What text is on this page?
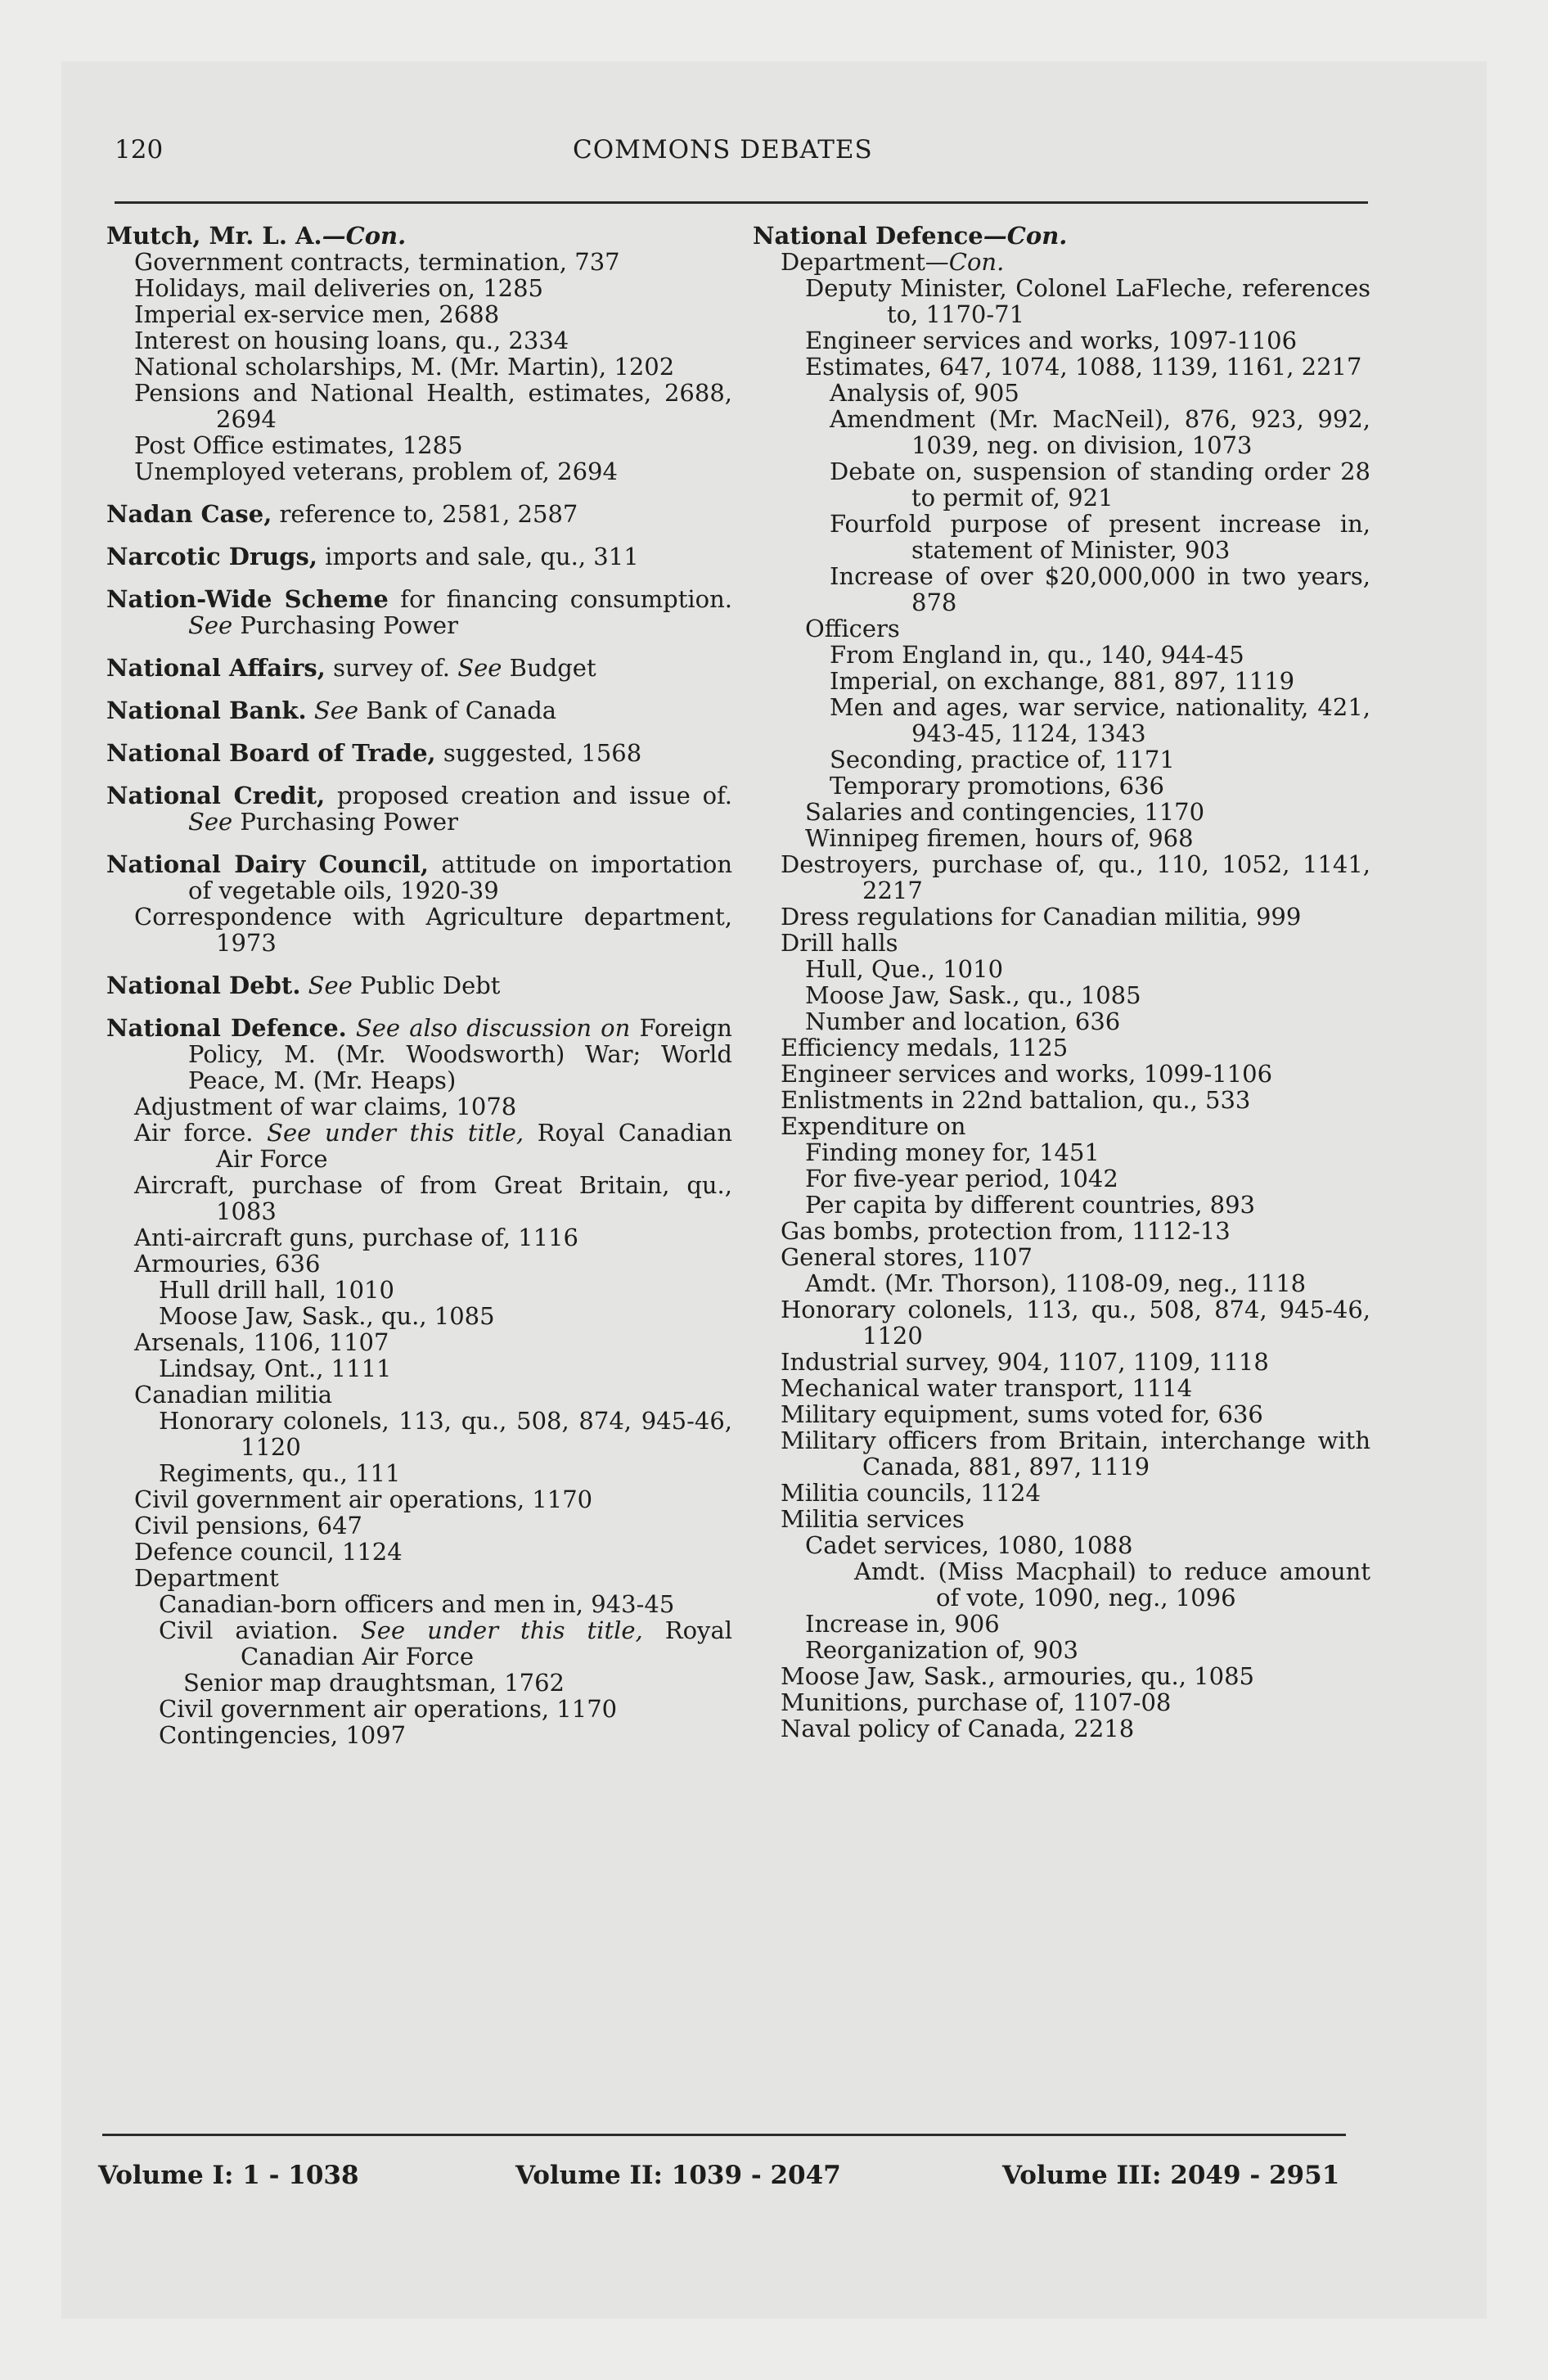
120	COMMONS DEBATES

Mutch, Mr. L. A.—Con.

Government contracts, termination, 737

Holidays, mail deliveries on, 1285

Imperial ex-service men, 2688

Interest on housing loans, qu., 2334

National scholarships, M. (Mr. Martin), 1202

Pensions and National Health, estimates, 2688, 2694

Post Office estimates, 1285

Unemployed veterans, problem of, 2694

Nadan Case, reference to, 2581, 2587

Narcotic Drugs, imports and sale, qu., 311

Nation-Wide Scheme for financing consumption. See Purchasing Power

National Affairs, survey of. See Budget

National Bank. See Bank of Canada

National Board of Trade, suggested, 1568

National Credit, proposed creation and issue of. See Purchasing Power

National Dairy Council, attitude on importation of vegetable oils, 1920-39

Correspondence with Agriculture department, 1973

National Debt. See Public Debt

National Defence. See also discussion on Foreign Policy, M. (Mr. Woodsworth) War; World Peace, M. (Mr. Heaps)

Adjustment of war claims, 1078

Air force. See under this title, Royal Canadian Air Force

Aircraft, purchase of from Great Britain, qu., 1083

Anti-aircraft guns, purchase of, 1116

Armouries, 636

Hull drill hall, 1010

Moose Jaw, Sask., qu., 1085

Arsenals, 1106, 1107

Lindsay, Ont., 1111

Canadian militia

Honorary colonels, 113, qu., 508, 874, 945-46, 1120

Regiments, qu., 111

Civil government air operations, 1170

Civil pensions, 647

Defence council, 1124

Department

Canadian-born officers and men in, 943-45

Civil aviation. See under this title, Royal Canadian Air Force

Senior map draughtsman, 1762

Civil government air operations, 1170

Contingencies, 1097

National Defence—Con.

Department—Con.

Deputy Minister, Colonel LaFleche, references to, 1170-71

Engineer services and works, 1097-1106

Estimates, 647, 1074, 1088, 1139, 1161, 2217

Analysis of, 905

Amendment (Mr. MacNeil), 876, 923, 992, 1039, neg. on division, 1073

Debate on, suspension of standing order 28 to permit of, 921

Fourfold purpose of present increase in, statement of Minister, 903

Increase of over $20,000,000 in two years, 878

Officers

From England in, qu., 140, 944-45

Imperial, on exchange, 881, 897, 1119

Men and ages, war service, nationality, 421, 943-45, 1124, 1343

Seconding, practice of, 1171

Temporary promotions, 636

Salaries and contingencies, 1170

Winnipeg firemen, hours of, 968

Destroyers, purchase of, qu., 110, 1052, 1141, 2217

Dress regulations for Canadian militia, 999

Drill halls

Hull, Que., 1010

Moose Jaw, Sask., qu., 1085

Number and location, 636

Efficiency medals, 1125

Engineer services and works, 1099-1106

Enlistments in 22nd battalion, qu., 533

Expenditure on

Finding money for, 1451

For five-year period, 1042

Per capita by different countries, 893

Gas bombs, protection from, 1112-13

General stores, 1107

Amdt. (Mr. Thorson), 1108-09, neg., 1118

Honorary colonels, 113, qu., 508, 874, 945-46, 1120

Industrial survey, 904, 1107, 1109, 1118

Mechanical water transport, 1114

Military equipment, sums voted for, 636

Military officers from Britain, interchange with Canada, 881, 897, 1119

Militia councils, 1124

Militia services

Cadet services, 1080, 1088

Amdt. (Miss Macphail) to reduce amount of vote, 1090, neg., 1096

Increase in, 906

Reorganization of, 903

Moose Jaw, Sask., armouries, qu., 1085

Munitions, purchase of, 1107-08

Naval policy of Canada, 2218

Volume I: 1 - 1038	Volume II: 1039 - 2047	Volume III: 2049 - 2951
